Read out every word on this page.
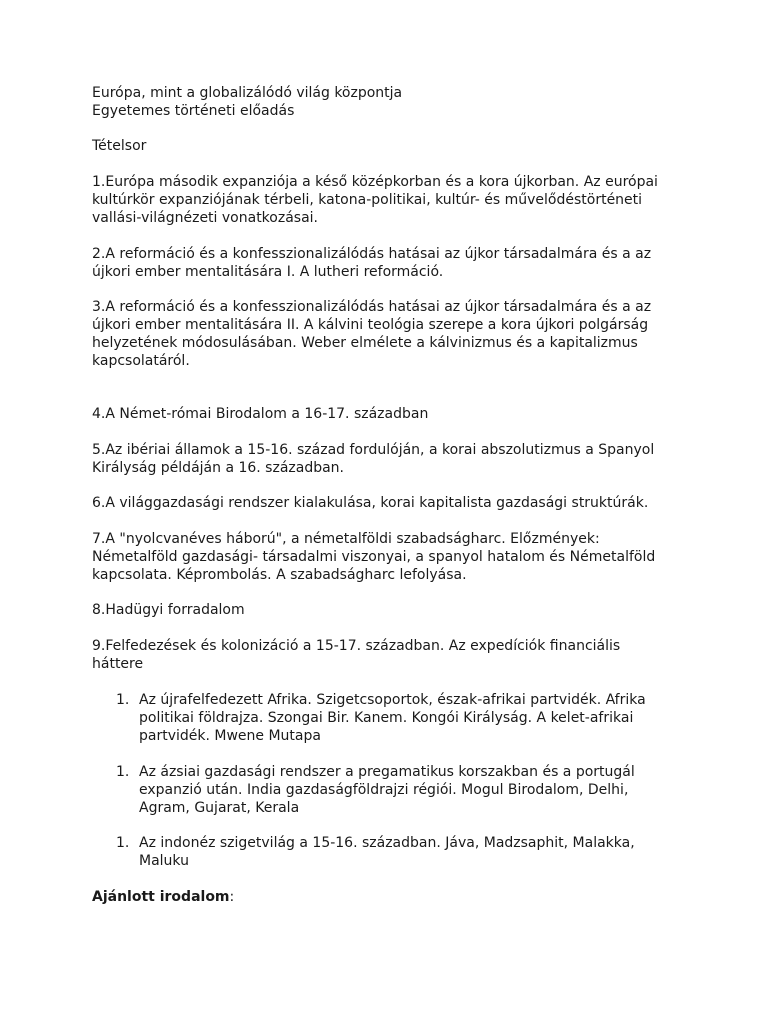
Európa, mint a globalizálódó világ központja
Egyetemes történeti előadás
Tételsor
1.Európa második expanziója a késő középkorban és a kora újkorban. Az európai
kultúrkör expanziójának térbeli, katona-politikai, kultúr- és művelődéstörténeti
vallási-világnézeti vonatkozásai.
2.A reformáció és a konfesszionalizálódás hatásai az újkor társadalmára és a az
újkori ember mentalitására I. A lutheri reformáció.
3.A reformáció és a konfesszionalizálódás hatásai az újkor társadalmára és a az
újkori ember mentalitására II. A kálvini teológia szerepe a kora újkori polgárság
helyzetének módosulásában. Weber elmélete a kálvinizmus és a kapitalizmus
kapcsolatáról.
4.A Német-római Birodalom a 16-17. században
5.Az ibériai államok a 15-16. század fordulóján, a korai abszolutizmus a Spanyol
Királyság példáján a 16. században.
6.A világgazdasági rendszer kialakulása, korai kapitalista gazdasági struktúrák.
7.A "nyolcvanéves háború", a németalföldi szabadságharc. Előzmények:
Németalföld gazdasági- társadalmi viszonyai, a spanyol hatalom és Németalföld
kapcsolata. Képrombolás. A szabadságharc lefolyása.
8.Hadügyi forradalom
9.Felfedezések és kolonizáció a 15-17. században. Az expedíciók financiális
háttere
1. Az újrafelfedezett Afrika. Szigetcsoportok, észak-afrikai partvidék. Afrika
politikai földrajza. Szongai Bir. Kanem. Kongói Királyság. A kelet-afrikai
partvidék. Mwene Mutapa
1. Az ázsiai gazdasági rendszer a pregamatikus korszakban és a portugál
expanzió után. India gazdaságföldrajzi régiói. Mogul Birodalom, Delhi,
Agram, Gujarat, Kerala
1. Az indonéz szigetvilág a 15-16. században. Jáva, Madzsaphit, Malakka,
Maluku
Ajánlott irodalom:
